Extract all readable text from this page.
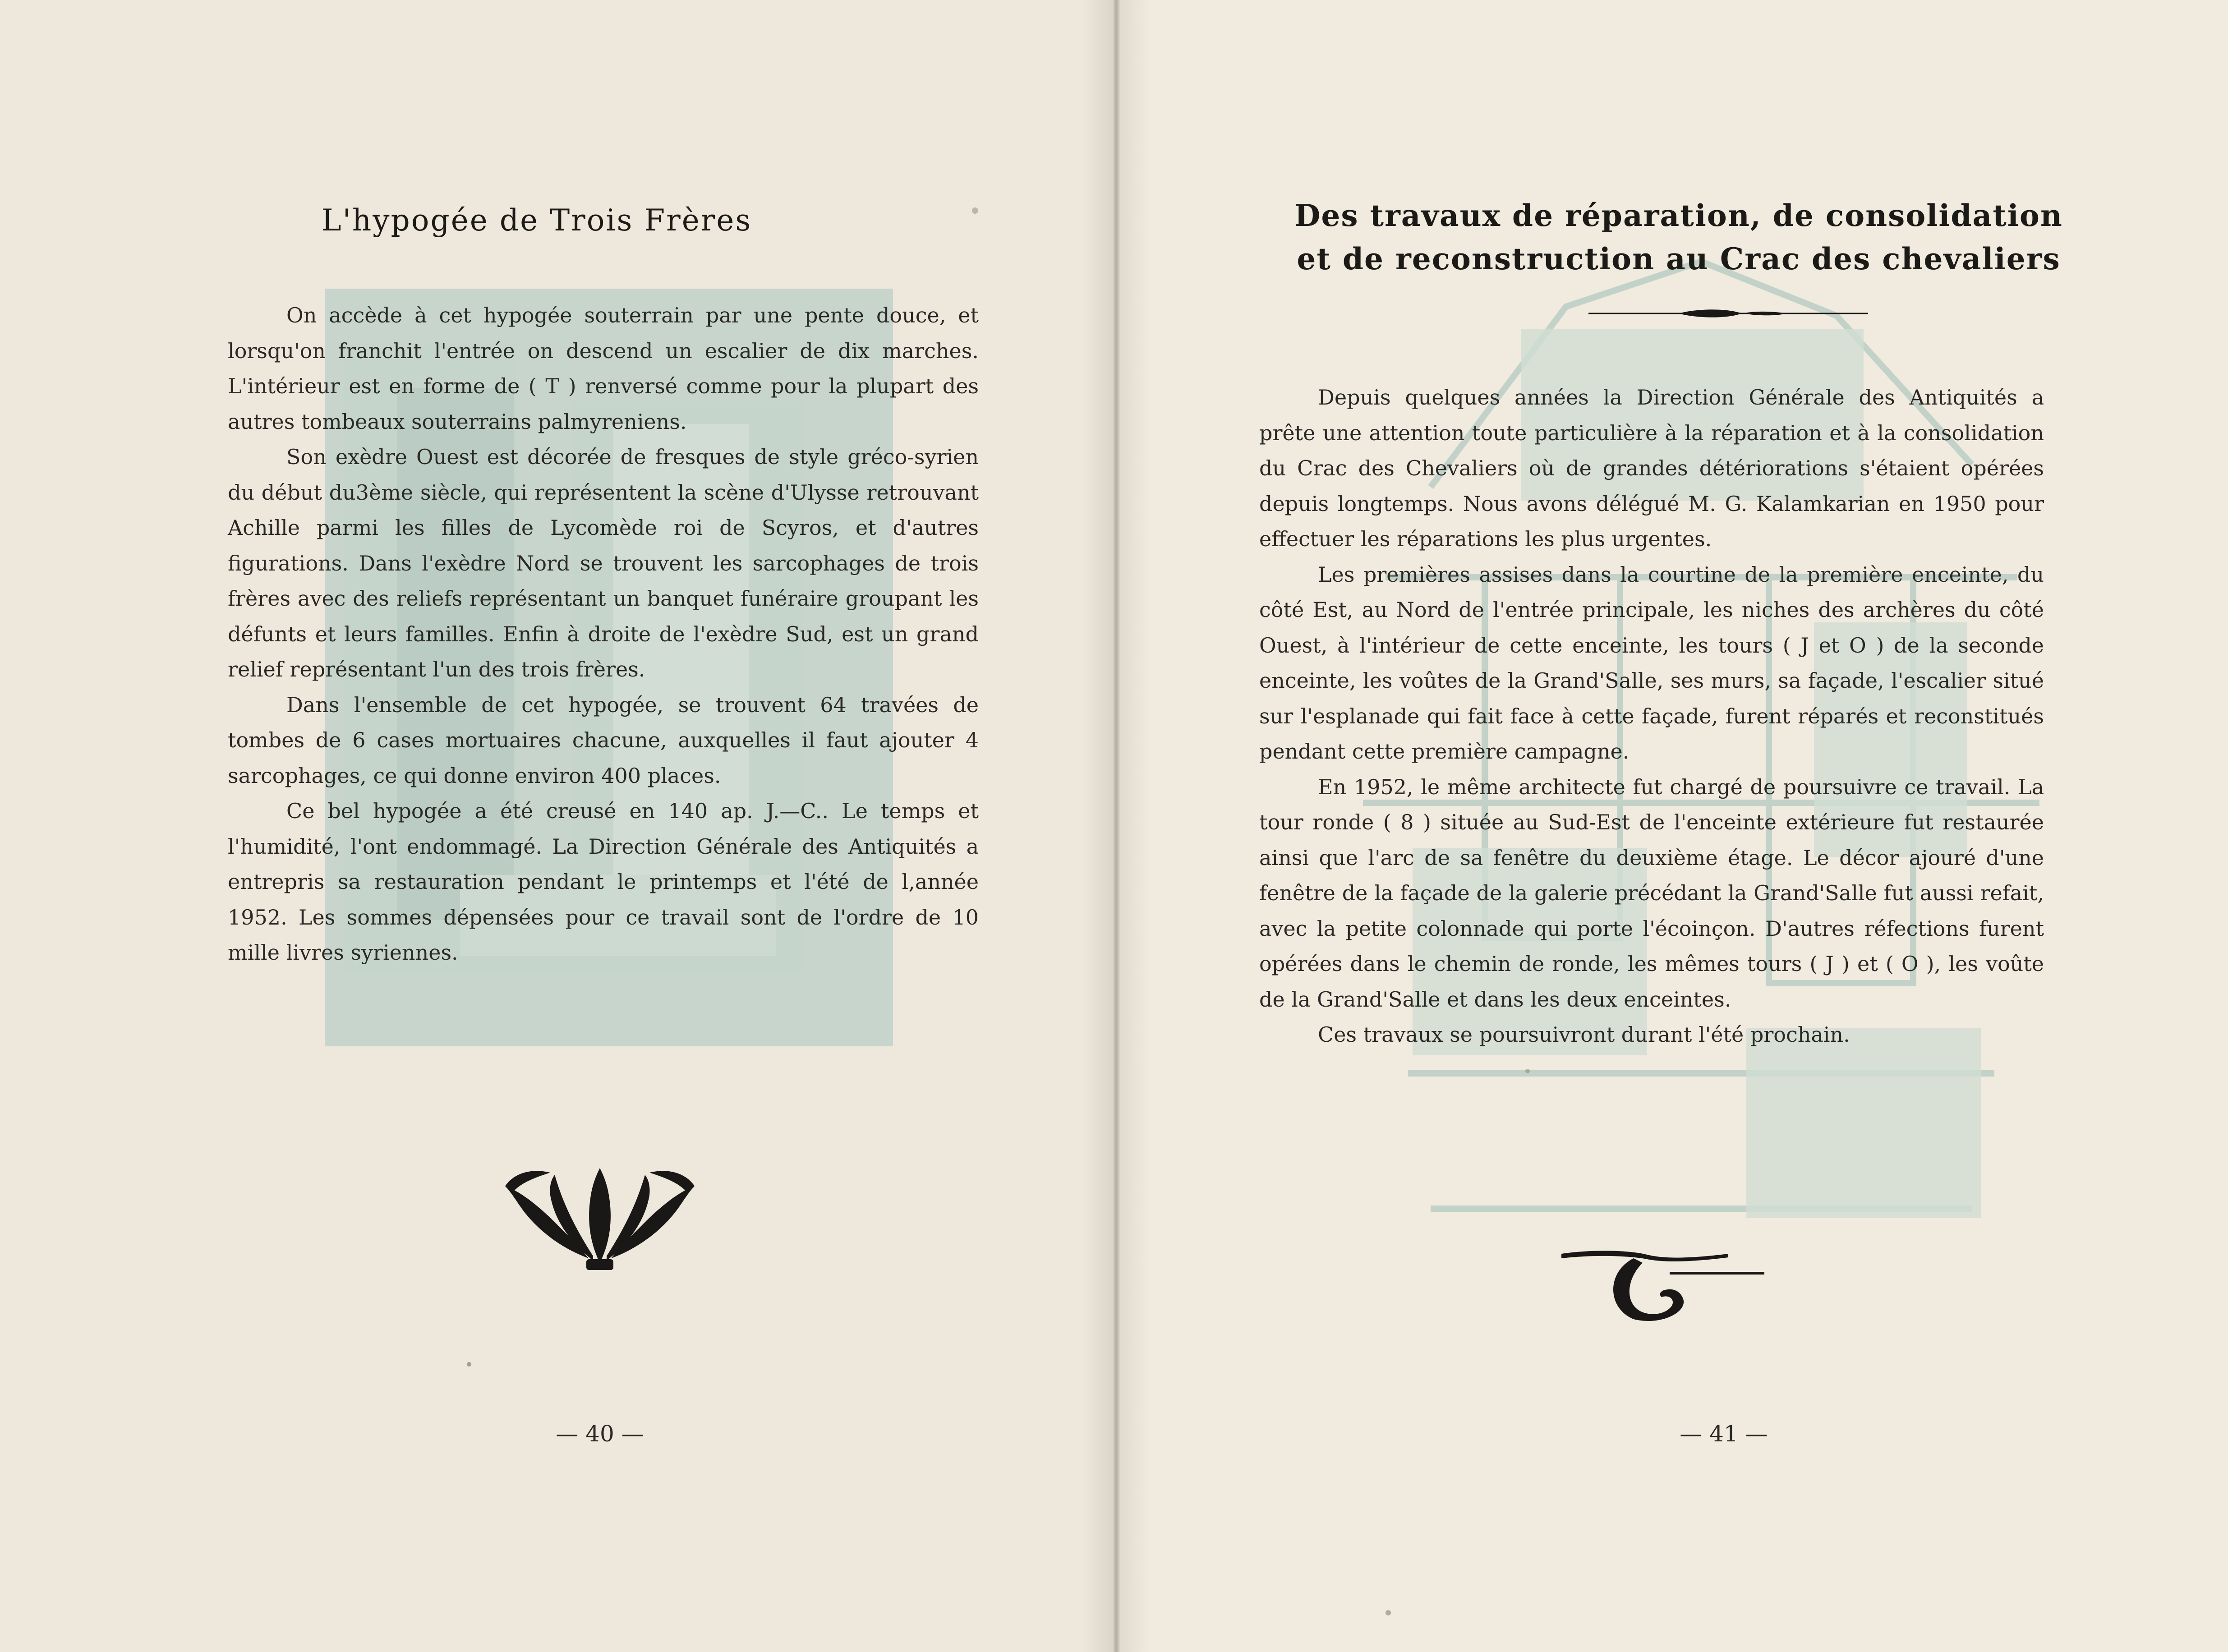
L'hypogée de Trois Frères

On accède à cet hypogée souterrain par une pente douce, et lorsqu'on franchit l'entrée on descend un escalier de dix marches. L'intérieur est en forme de ( T ) renversé comme pour la plupart des autres tombeaux souterrains palmyreniens.

Son exèdre Ouest est décorée de fresques de style gréco-syrien du début du3ème siècle, qui représentent la scène d'Ulysse retrouvant Achille parmi les filles de Lycomède roi de Scyros, et d'autres figurations. Dans l'exèdre Nord se trouvent les sarcophages de trois frères avec des reliefs représentant un banquet funéraire groupant les défunts et leurs familles. Enfin à droite de l'exèdre Sud, est un grand relief représentant l'un des trois frères.

Dans l'ensemble de cet hypogée, se trouvent 64 travées de tombes de 6 cases mortuaires chacune, auxquelles il faut ajouter 4 sarcophages, ce qui donne environ 400 places.

Ce bel hypogée a été creusé en 140 ap. J.—C.. Le temps et l'humidité, l'ont endommagé. La Direction Générale des Antiquités a entrepris sa restauration pendant le printemps et l'été de l,année 1952. Les sommes dépensées pour ce travail sont de l'ordre de 10 mille livres syriennes.

— 40 —
Des travaux de réparation, de consolidation
et de reconstruction au Crac des chevaliers

Depuis quelques années la Direction Générale des Antiquités a prête une attention toute particulière à la réparation et à la consolidation du Crac des Chevaliers où de grandes détériorations s'étaient opérées depuis longtemps. Nous avons délégué M. G. Kalamkarian en 1950 pour effectuer les réparations les plus urgentes.

Les premières assises dans la courtine de la première enceinte, du côté Est, au Nord de l'entrée principale, les niches des archères du côté Ouest, à l'intérieur de cette enceinte, les tours ( J et O ) de la seconde enceinte, les voûtes de la Grand'Salle, ses murs, sa façade, l'escalier situé sur l'esplanade qui fait face à cette façade, furent réparés et reconstitués pendant cette première campagne.

En 1952, le même architecte fut chargé de poursuivre ce travail. La tour ronde ( 8 ) située au Sud-Est de l'enceinte extérieure fut restaurée ainsi que l'arc de sa fenêtre du deuxième étage. Le décor ajouré d'une fenêtre de la façade de la galerie précédant la Grand'Salle fut aussi refait, avec la petite colonnade qui porte l'écoinçon. D'autres réfections furent opérées dans le chemin de ronde, les mêmes tours ( J ) et ( O ), les voûte de la Grand'Salle et dans les deux enceintes.

Ces travaux se poursuivront durant l'été prochain.

— 41 —
